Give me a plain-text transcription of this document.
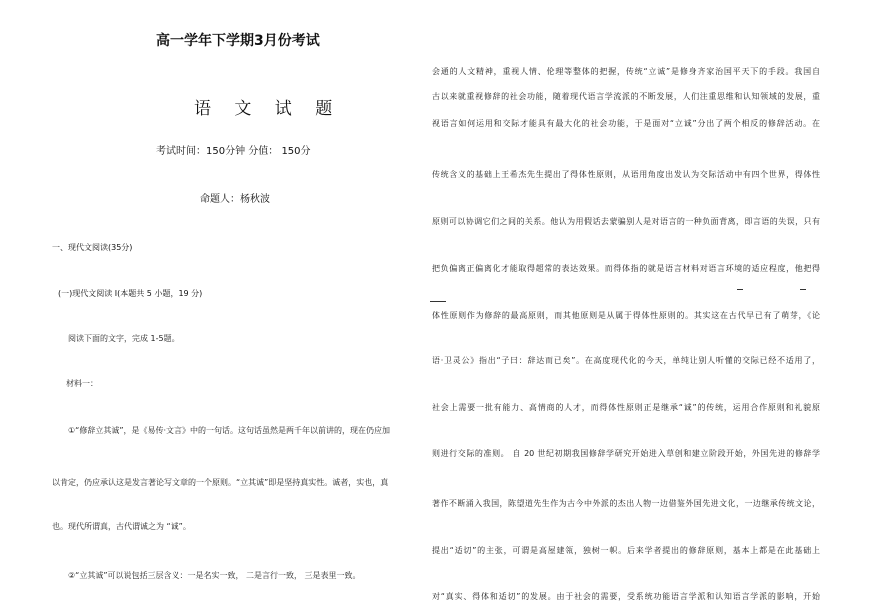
高一学年下学期3月份考试
语 文 试 题
考试时间：150分钟 分值： 150分
命题人：杨秋波
一、现代文阅读(35分)
(一)现代文阅读 I(本题共 5 小题，19 分)
阅读下面的文字，完成 1-5题。
材料一：
①“修辞立其诚”，是《易传·文言》中的一句话。这句话虽然是两千年以前讲的，现在仍应加
以肯定，仍应承认这是发言著论写文章的一个原则。“立其诚”即是坚持真实性。诚者，实也，真
也。现代所谓真，古代谓诚之为 “诚”。
②“立其诚”可以说包括三层含义：一是名实一致， 二是言行一致， 三是表里一致。
会通的人文精神，重视人情、伦理等整体的把握，传统“立诚”是修身齐家治国平天下的手段。我国自
古以来就重视修辞的社会功能，随着现代语言学流派的不断发展，人们注重思维和认知领域的发展，重
视语言如何运用和交际才能具有最大化的社会功能，于是面对“立诚”分出了两个相反的修辞活动。在
传统含义的基础上王希杰先生提出了得体性原则，从语用角度出发认为交际活动中有四个世界，得体性
原则可以协调它们之间的关系。他认为用假话去蒙骗别人是对语言的一种负面背离，即言语的失误，只有
把负偏离正偏离化才能取得超常的表达效果。而得体指的就是语言材料对语言环境的适应程度，他把得
体性原则作为修辞的最高原则，而其他原则是从属于得体性原则的。其实这在古代早已有了萌芽，《论
语·卫灵公》指出“子曰：辞达而已矣”。在高度现代化的今天，单纯让别人听懂的交际已经不适用了，
社会上需要一批有能力、高情商的人才，而得体性原则正是继承“诚”的传统，运用合作原则和礼貌原
则进行交际的准则。 自 20 世纪初期我国修辞学研究开始进入草创和建立阶段开始，外国先进的修辞学
著作不断涌入我国，陈望道先生作为古今中外派的杰出人物一边借鉴外国先进文化，一边继承传统文论，
提出“适切”的主张，可谓是高屋建瓴，独树一帜。后来学者提出的修辞原则，基本上都是在此基础上
对“真实、得体和适切”的发展。由于社会的需要，受系统功能语言学派和认知语言学派的影响，开始
